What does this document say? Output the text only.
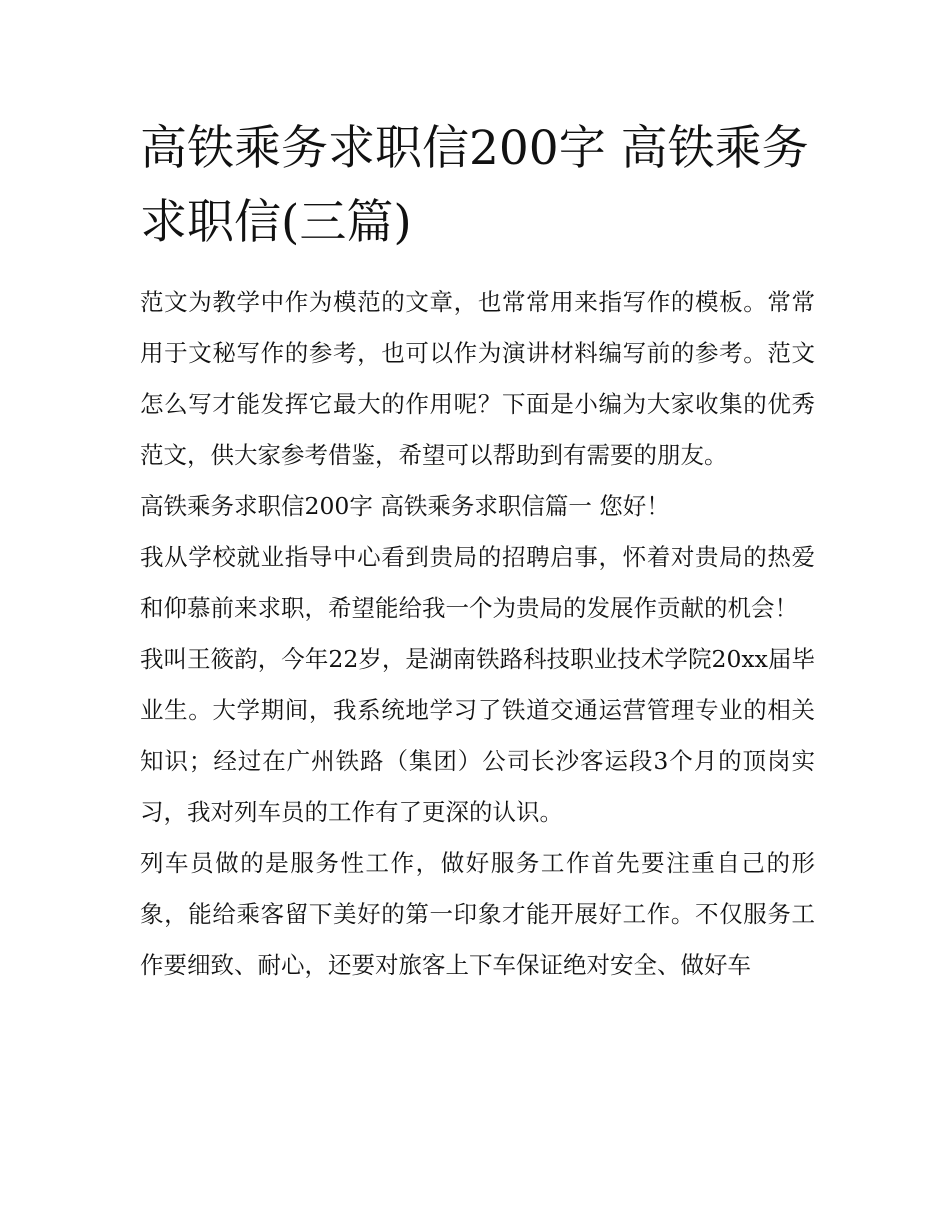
高铁乘务求职信200字 高铁乘务求职信(三篇)

范文为教学中作为模范的文章，也常常用来指写作的模板。常常用于文秘写作的参考，也可以作为演讲材料编写前的参考。范文怎么写才能发挥它最大的作用呢？下面是小编为大家收集的优秀范文，供大家参考借鉴，希望可以帮助到有需要的朋友。

高铁乘务求职信200字 高铁乘务求职信篇一 您好！

我从学校就业指导中心看到贵局的招聘启事，怀着对贵局的热爱和仰慕前来求职，希望能给我一个为贵局的发展作贡献的机会！

我叫王筱韵，今年22岁，是湖南铁路科技职业技术学院20xx届毕业生。大学期间，我系统地学习了铁道交通运营管理专业的相关知识；经过在广州铁路（集团）公司长沙客运段3个月的顶岗实习，我对列车员的工作有了更深的认识。

列车员做的是服务性工作，做好服务工作首先要注重自己的形象，能给乘客留下美好的第一印象才能开展好工作。不仅服务工作要细致、耐心，还要对旅客上下车保证绝对安全、做好车
